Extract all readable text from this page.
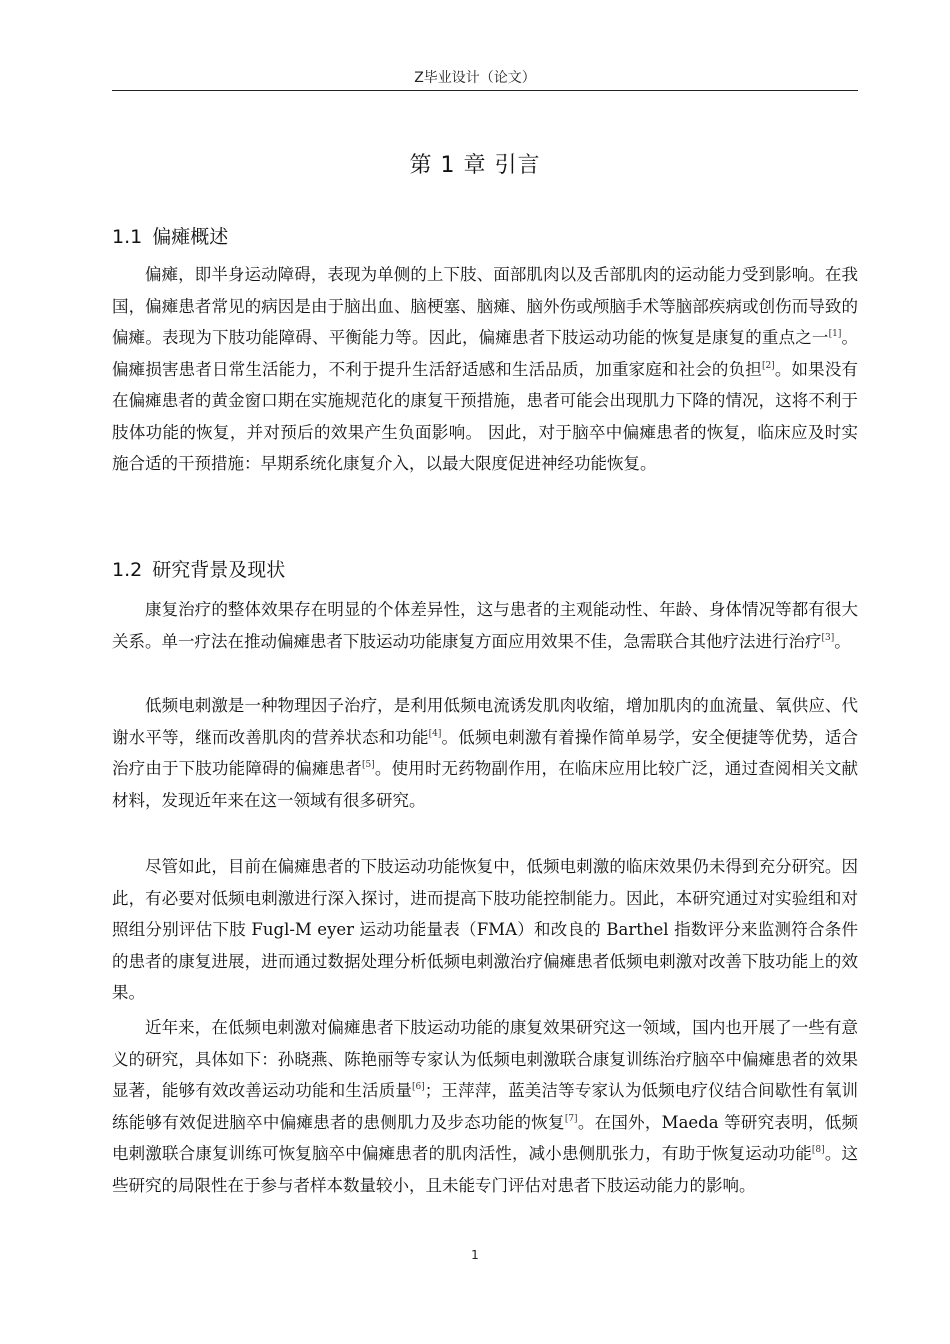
Z毕业设计（论文）
第 1 章 引言
1.1 偏瘫概述

偏瘫，即半身运动障碍，表现为单侧的上下肢、面部肌肉以及舌部肌肉的运动能力受到影响。在我国，偏瘫患者常见的病因是由于脑出血、脑梗塞、脑瘫、脑外伤或颅脑手术等脑部疾病或创伤而导致的偏瘫。表现为下肢功能障碍、平衡能力等。因此，偏瘫患者下肢运动功能的恢复是康复的重点之一[1]。偏瘫损害患者日常生活能力，不利于提升生活舒适感和生活品质，加重家庭和社会的负担[2]。如果没有在偏瘫患者的黄金窗口期在实施规范化的康复干预措施，患者可能会出现肌力下降的情况，这将不利于肢体功能的恢复，并对预后的效果产生负面影响。 因此，对于脑卒中偏瘫患者的恢复，临床应及时实施合适的干预措施：早期系统化康复介入，以最大限度促进神经功能恢复。

1.2 研究背景及现状

康复治疗的整体效果存在明显的个体差异性，这与患者的主观能动性、年龄、身体情况等都有很大关系。单一疗法在推动偏瘫患者下肢运动功能康复方面应用效果不佳，急需联合其他疗法进行治疗[3]。

低频电刺激是一种物理因子治疗，是利用低频电流诱发肌肉收缩，增加肌肉的血流量、氧供应、代谢水平等，继而改善肌肉的营养状态和功能[4]。低频电刺激有着操作简单易学，安全便捷等优势，适合治疗由于下肢功能障碍的偏瘫患者[5]。使用时无药物副作用，在临床应用比较广泛，通过查阅相关文献材料，发现近年来在这一领域有很多研究。

尽管如此，目前在偏瘫患者的下肢运动功能恢复中，低频电刺激的临床效果仍未得到充分研究。因此，有必要对低频电刺激进行深入探讨，进而提高下肢功能控制能力。因此，本研究通过对实验组和对照组分别评估下肢 Fugl-M eyer 运动功能量表（FMA）和改良的 Barthel 指数评分来监测符合条件的患者的康复进展，进而通过数据处理分析低频电刺激治疗偏瘫患者低频电刺激对改善下肢功能上的效果。

近年来，在低频电刺激对偏瘫患者下肢运动功能的康复效果研究这一领域，国内也开展了一些有意义的研究，具体如下：孙晓燕、陈艳丽等专家认为低频电刺激联合康复训练治疗脑卒中偏瘫患者的效果显著，能够有效改善运动功能和生活质量[6]；王萍萍，蓝美洁等专家认为低频电疗仪结合间歇性有氧训练能够有效促进脑卒中偏瘫患者的患侧肌力及步态功能的恢复[7]。在国外，Maeda 等研究表明，低频电刺激联合康复训练可恢复脑卒中偏瘫患者的肌肉活性，减小患侧肌张力，有助于恢复运动功能[8]。这些研究的局限性在于参与者样本数量较小，且未能专门评估对患者下肢运动能力的影响。

1
